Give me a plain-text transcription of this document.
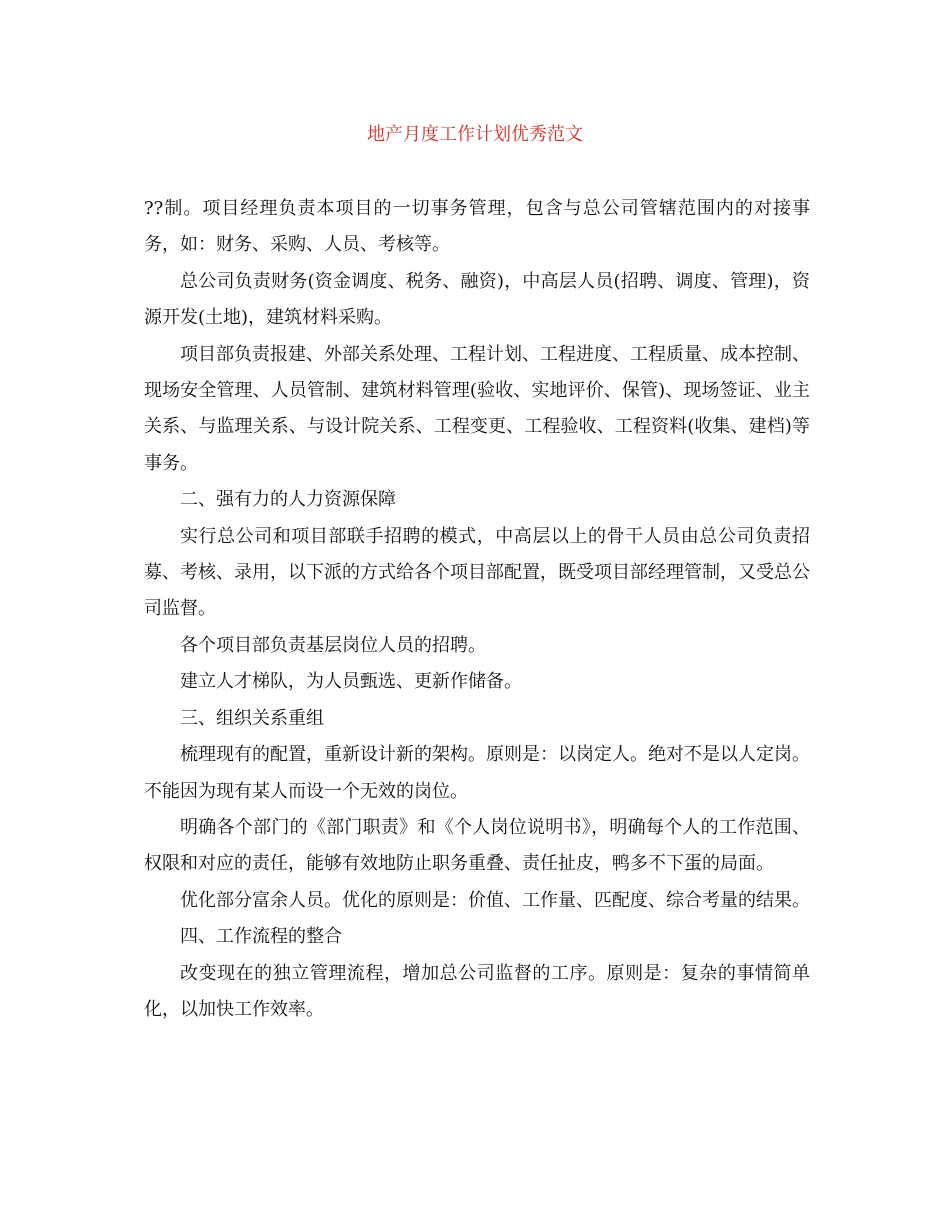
地产月度工作计划优秀范文

??制。项目经理负责本项目的一切事务管理，包含与总公司管辖范围内的对接事务，如：财务、采购、人员、考核等。

总公司负责财务(资金调度、税务、融资)，中高层人员(招聘、调度、管理)，资源开发(土地)，建筑材料采购。

项目部负责报建、外部关系处理、工程计划、工程进度、工程质量、成本控制、现场安全管理、人员管制、建筑材料管理(验收、实地评价、保管)、现场签证、业主关系、与监理关系、与设计院关系、工程变更、工程验收、工程资料(收集、建档)等事务。

二、强有力的人力资源保障

实行总公司和项目部联手招聘的模式，中高层以上的骨干人员由总公司负责招募、考核、录用，以下派的方式给各个项目部配置，既受项目部经理管制，又受总公司监督。

各个项目部负责基层岗位人员的招聘。

建立人才梯队，为人员甄选、更新作储备。

三、组织关系重组

梳理现有的配置，重新设计新的架构。原则是：以岗定人。绝对不是以人定岗。不能因为现有某人而设一个无效的岗位。

明确各个部门的《部门职责》和《个人岗位说明书》，明确每个人的工作范围、权限和对应的责任，能够有效地防止职务重叠、责任扯皮，鸭多不下蛋的局面。

优化部分富余人员。优化的原则是：价值、工作量、匹配度、综合考量的结果。

四、工作流程的整合

改变现在的独立管理流程，增加总公司监督的工序。原则是：复杂的事情简单化，以加快工作效率。
